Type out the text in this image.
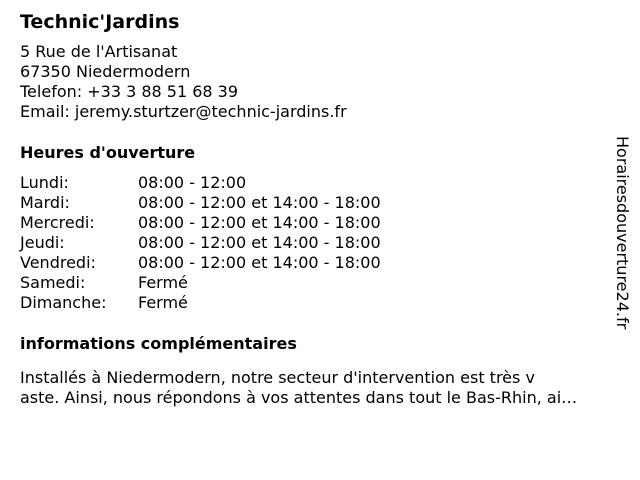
Technic'Jardins
5 Rue de l'Artisanat
67350 Niedermodern
Telefon: +33 3 88 51 68 39
Email: jeremy.sturtzer@technic-jardins.fr
Heures d'ouverture
Lundi:	08:00 - 12:00
Mardi:	08:00 - 12:00 et 14:00 - 18:00
Mercredi:	08:00 - 12:00 et 14:00 - 18:00
Jeudi:	08:00 - 12:00 et 14:00 - 18:00
Vendredi:	08:00 - 12:00 et 14:00 - 18:00
Samedi:	Fermé
Dimanche:	Fermé
informations complémentaires
Installés à Niedermodern, notre secteur d'intervention est très v
aste. Ainsi, nous répondons à vos attentes dans tout le Bas-Rhin, ai…
Horairesdouverture24.fr
